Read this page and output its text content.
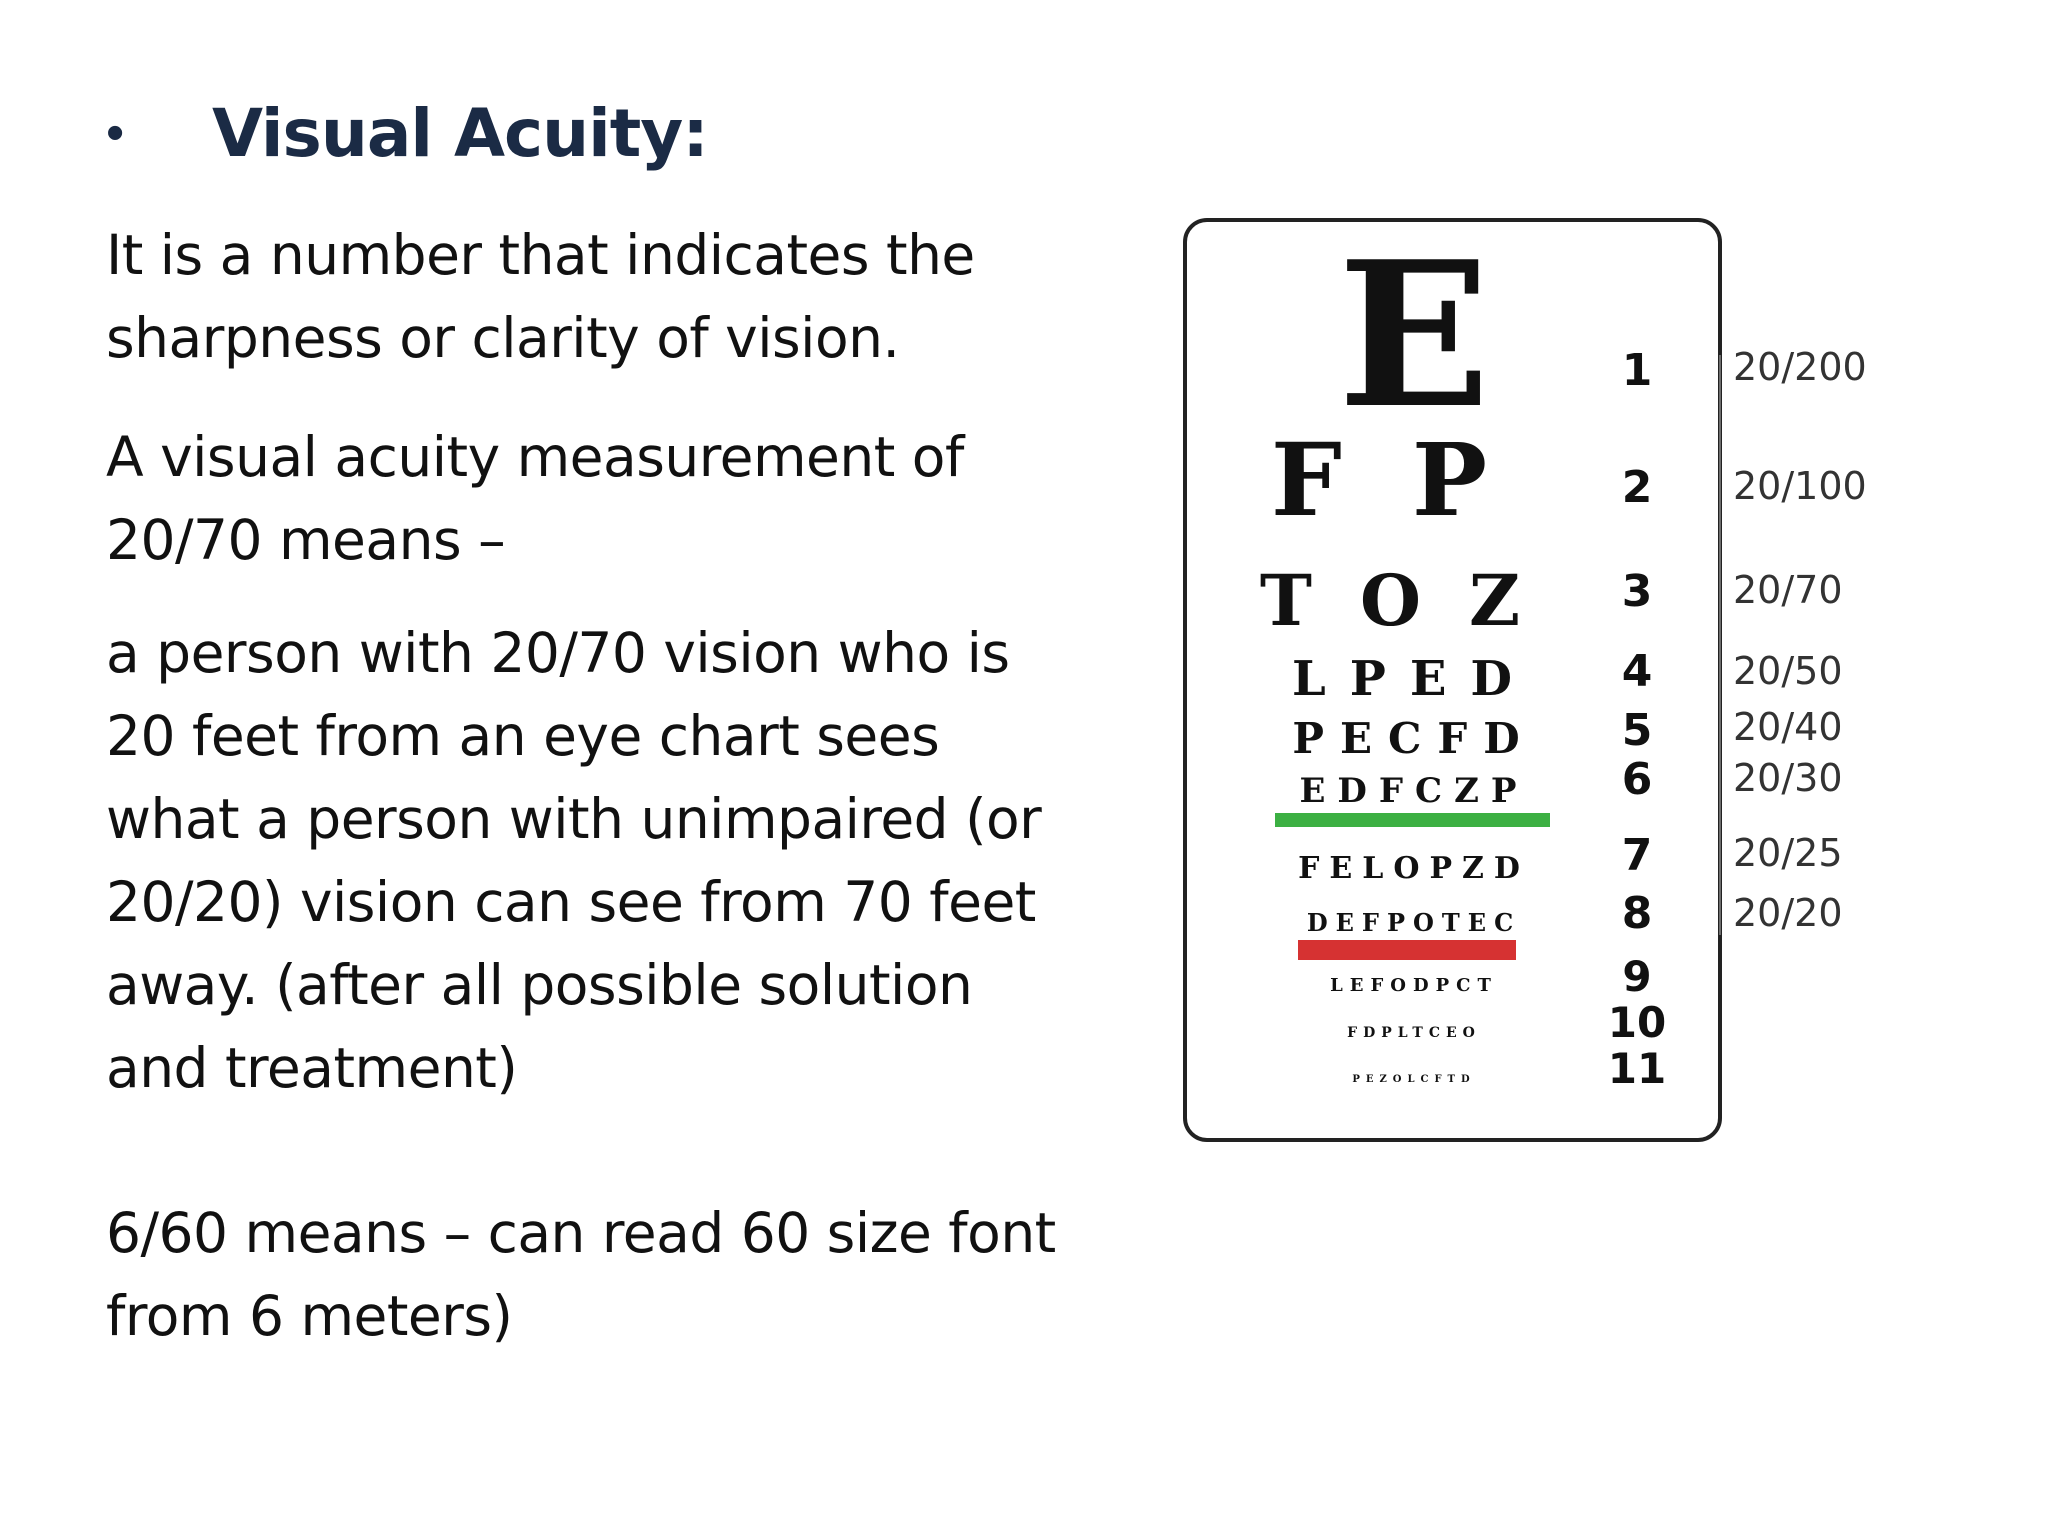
•	Visual Acuity:
It is a number that indicates the
sharpness or clarity of vision.
A visual acuity measurement of
20/70 means –
a person with 20/70 vision who is
20 feet from an eye chart sees
what a person with unimpaired (or
20/20) vision can see from 70 feet
away. (after all possible solution
and treatment)
6/60 means – can read 60 size font
from 6 meters)
E	1 20/200
FP 2 20/100
TOZ 3 20/70
LPED 4 20/50
PECFD 5 20/40
EDFCZP 6 20/30
FELOPZD 7 20/25
DEFPOTEC 8 20/20
LEFODPCT	9
FDPLTCEO	10
PEZOLCFTD	11
